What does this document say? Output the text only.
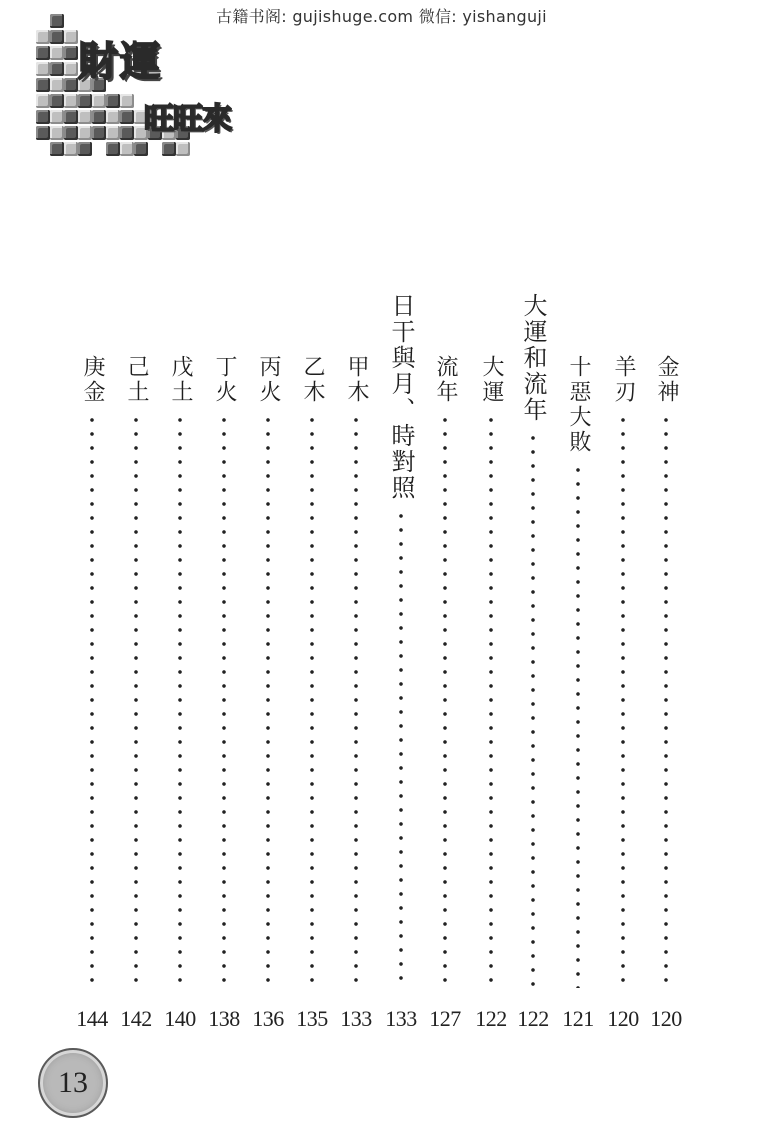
古籍书阁: gujishuge.com 微信: yishanguji
財運
旺旺來
金神
120
羊刃
120
十惡大敗
121
大運和流年
122
大運
122
流年
127
日干與月、時對照
133
甲木
133
乙木
135
丙火
136
丁火
138
戊土
140
己土
142
庚金
144
13
